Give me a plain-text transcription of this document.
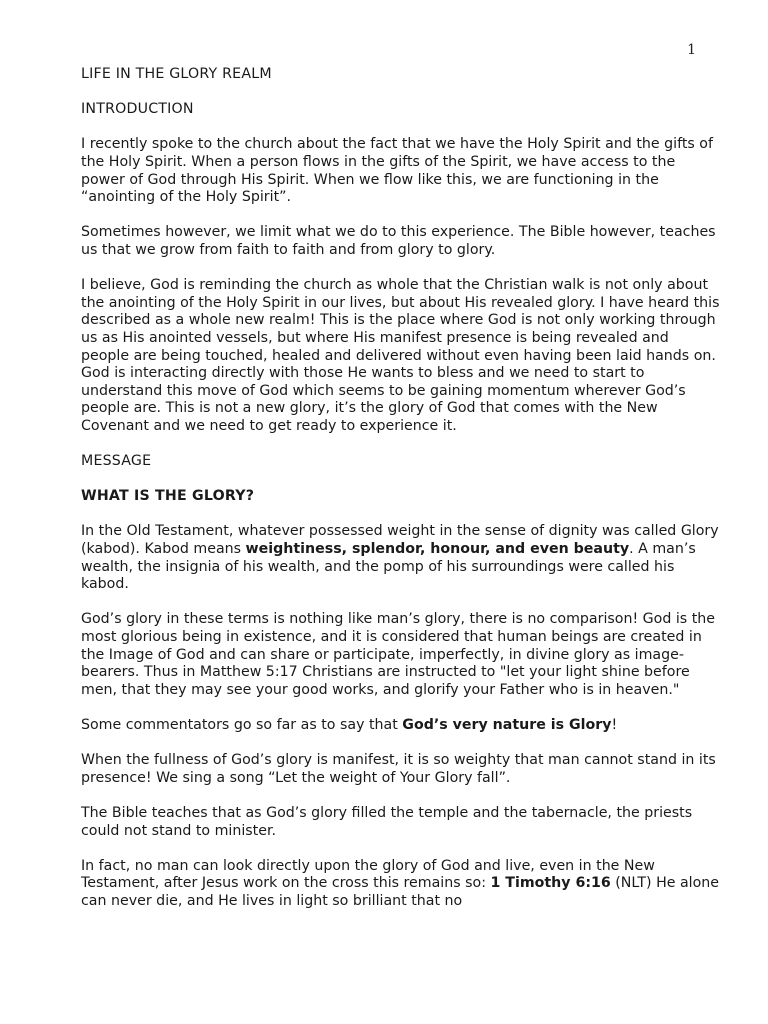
1

LIFE IN THE GLORY REALM

INTRODUCTION

I recently spoke to the church about the fact that we have the Holy Spirit and the gifts of the Holy Spirit. When a person flows in the gifts of the Spirit, we have access to the power of God through His Spirit. When we flow like this, we are functioning in the “anointing of the Holy Spirit”.

Sometimes however, we limit what we do to this experience. The Bible however, teaches us that we grow from faith to faith and from glory to glory.

I believe, God is reminding the church as whole that the Christian walk is not only about the anointing of the Holy Spirit in our lives, but about His revealed glory. I have heard this described as a whole new realm! This is the place where God is not only working through us as His anointed vessels, but where His manifest presence is being revealed and people are being touched, healed and delivered without even having been laid hands on. God is interacting directly with those He wants to bless and we need to start to understand this move of God which seems to be gaining momentum wherever God’s people are. This is not a new glory, it’s the glory of God that comes with the New Covenant and we need to get ready to experience it.

MESSAGE

WHAT IS THE GLORY?

In the Old Testament, whatever possessed weight in the sense of dignity was called Glory (kabod). Kabod means weightiness, splendor, honour, and even beauty. A man’s wealth, the insignia of his wealth, and the pomp of his surroundings were called his kabod.

God’s glory in these terms is nothing like man’s glory, there is no comparison! God is the most glorious being in existence, and it is considered that human beings are created in the Image of God and can share or participate, imperfectly, in divine glory as image-bearers. Thus in Matthew 5:17 Christians are instructed to "let your light shine before men, that they may see your good works, and glorify your Father who is in heaven."

Some commentators go so far as to say that God’s very nature is Glory!

When the fullness of God’s glory is manifest, it is so weighty that man cannot stand in its presence! We sing a song “Let the weight of Your Glory fall”.

The Bible teaches that as God’s glory filled the temple and the tabernacle, the priests could not stand to minister.

In fact, no man can look directly upon the glory of God and live, even in the New Testament, after Jesus work on the cross this remains so: 1 Timothy 6:16 (NLT) He alone can never die, and He lives in light so brilliant that no
